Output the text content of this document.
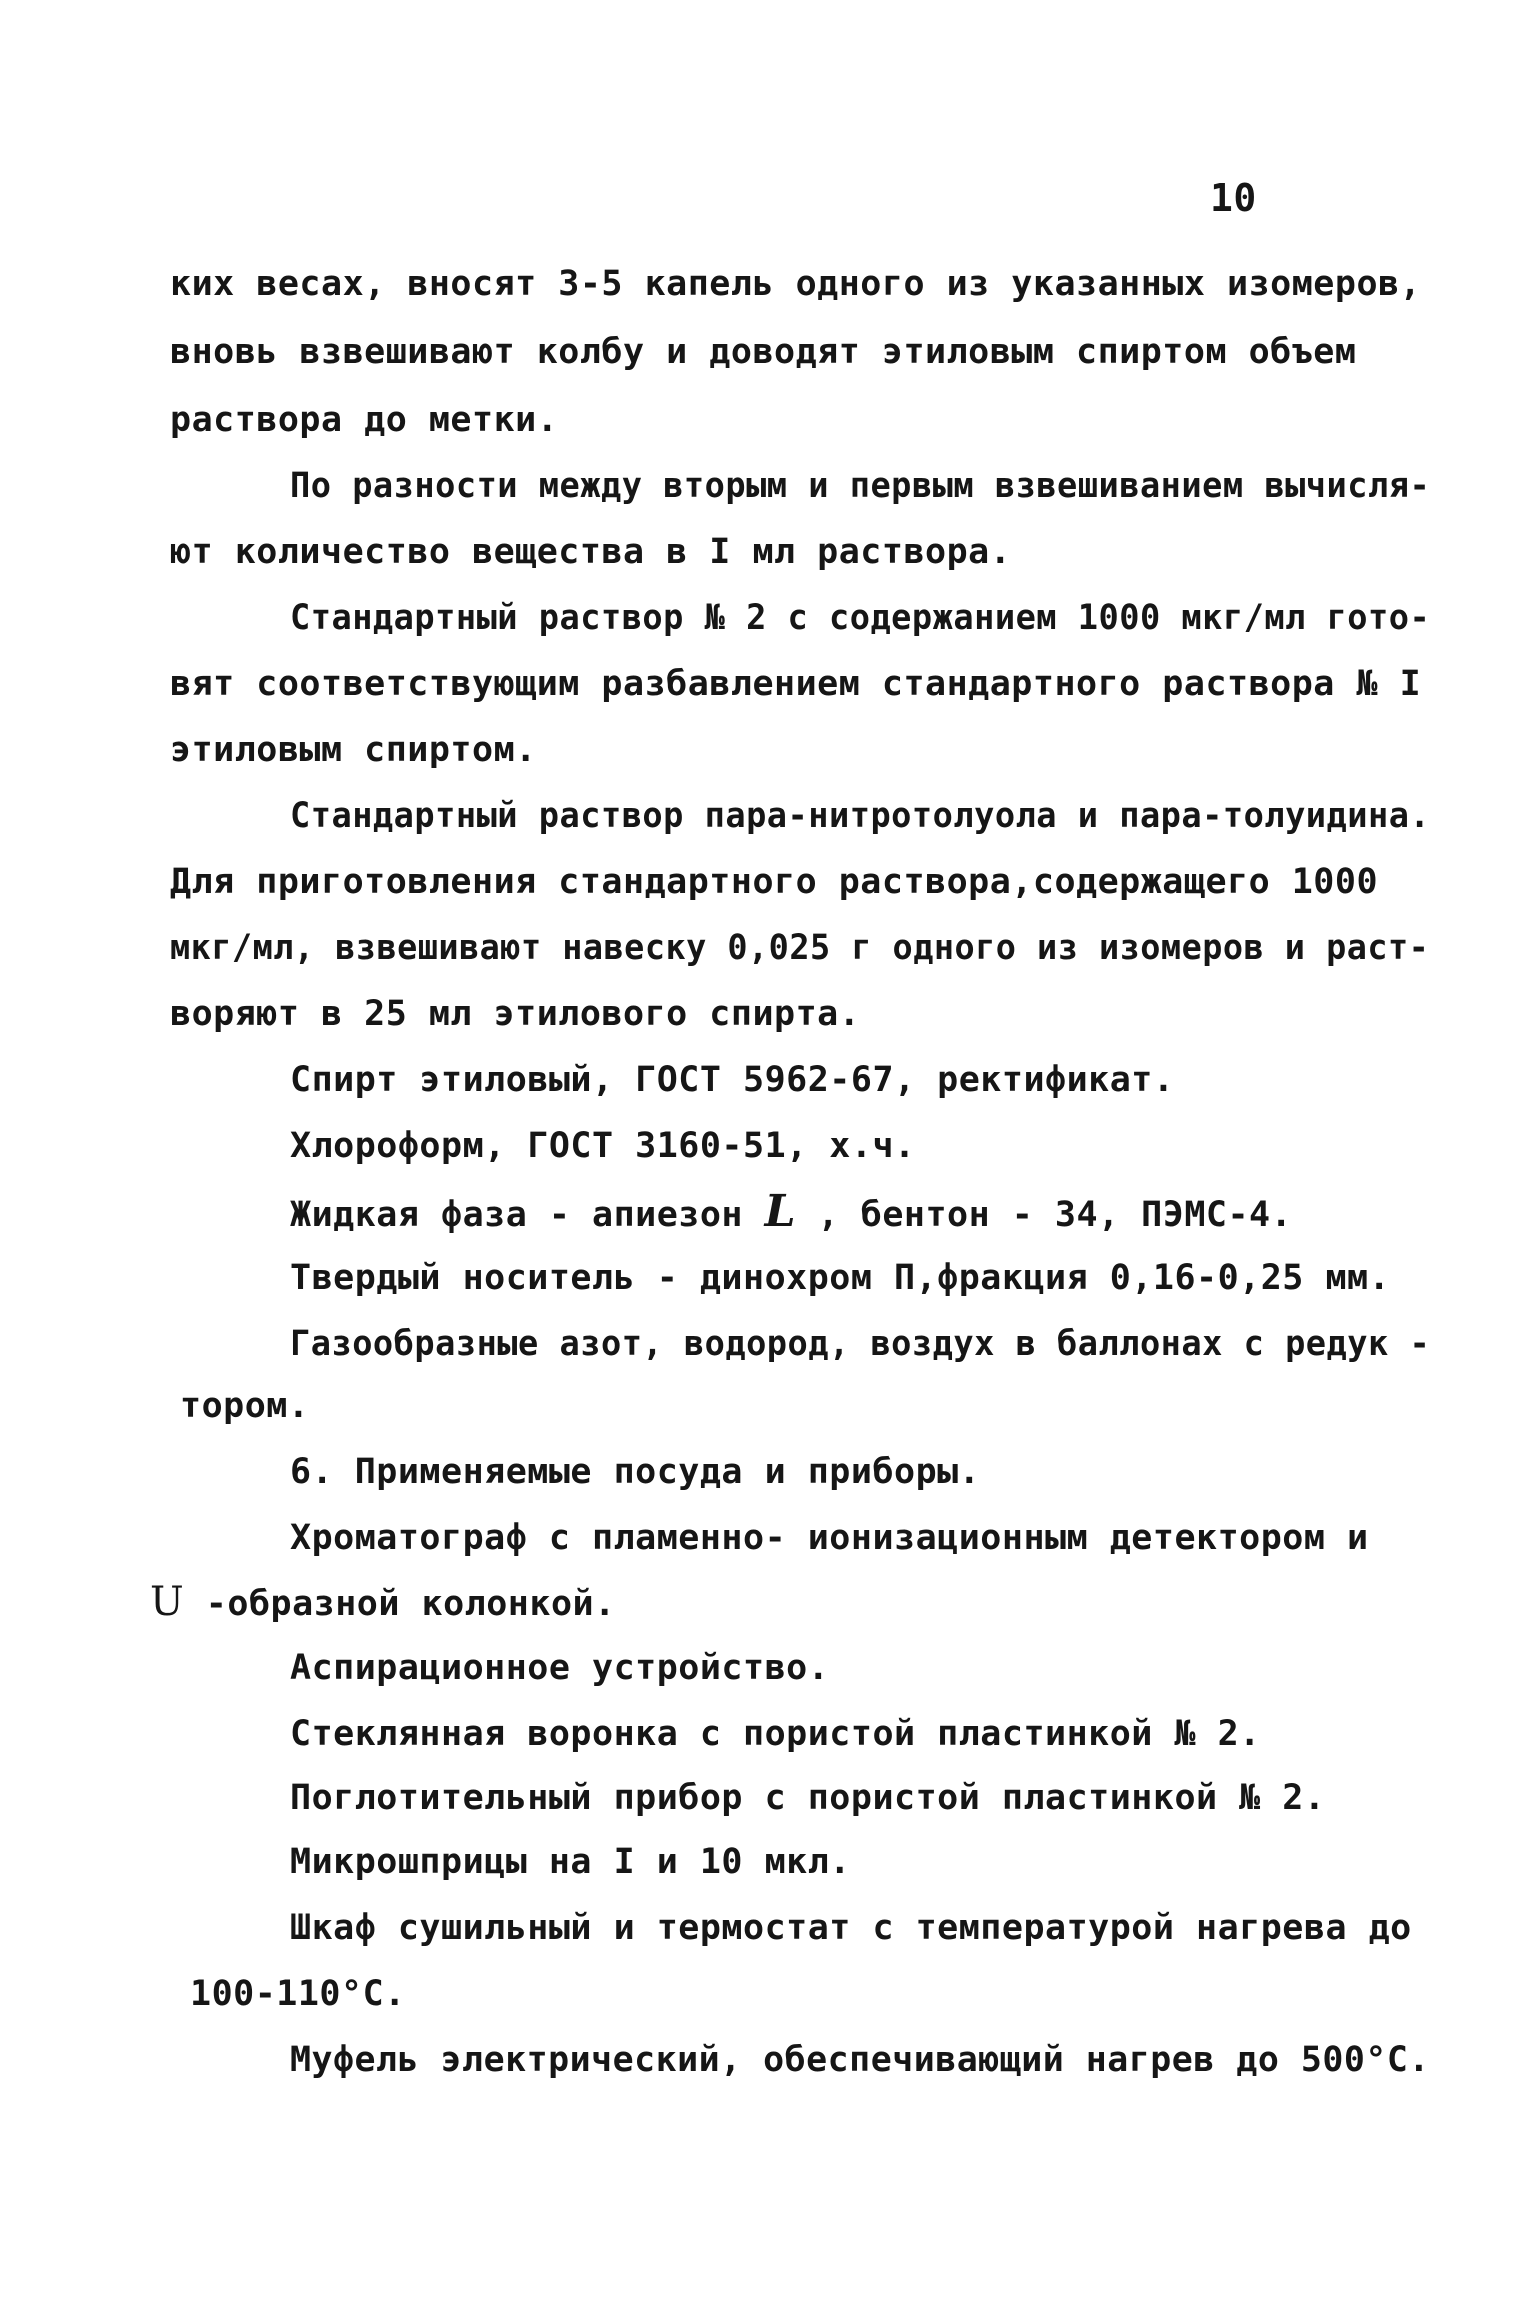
10
ких весах, вносят 3-5 капель одного из указанных изомеров,
вновь взвешивают колбу и доводят этиловым спиртом объем
раствора до метки.
По разности между вторым и первым взвешиванием вычисля-
ют количество вещества в I мл раствора.
Стандартный раствор № 2 с содержанием 1000 мкг/мл гото-
вят соответствующим разбавлением стандартного раствора № I
этиловым спиртом.
Стандартный раствор пара-нитротолуола и пара-толуидина.
Для приготовления стандартного раствора,содержащего 1000
мкг/мл, взвешивают навеску 0,025 г одного из изомеров и раст-
воряют в 25 мл этилового спирта.
Спирт этиловый, ГОСТ 5962-67, ректификат.
Хлороформ, ГОСТ 3160-51, х.ч.
Жидкая фаза - апиезон L , бентон - 34, ПЭМС-4.
Твердый носитель - динохром П,фракция 0,16-0,25 мм.
Газообразные азот, водород, воздух в баллонах с редук -
тором.
6. Применяемые посуда и приборы.
Хроматограф с пламенно- ионизационным детектором и
U -образной колонкой.
Аспирационное устройство.
Стеклянная воронка с пористой пластинкой № 2.
Поглотительный прибор с пористой пластинкой № 2.
Микрошприцы на I и 10 мкл.
Шкаф сушильный и термостат с температурой нагрева до
100-110°С.
Муфель электрический, обеспечивающий нагрев до 500°С.
